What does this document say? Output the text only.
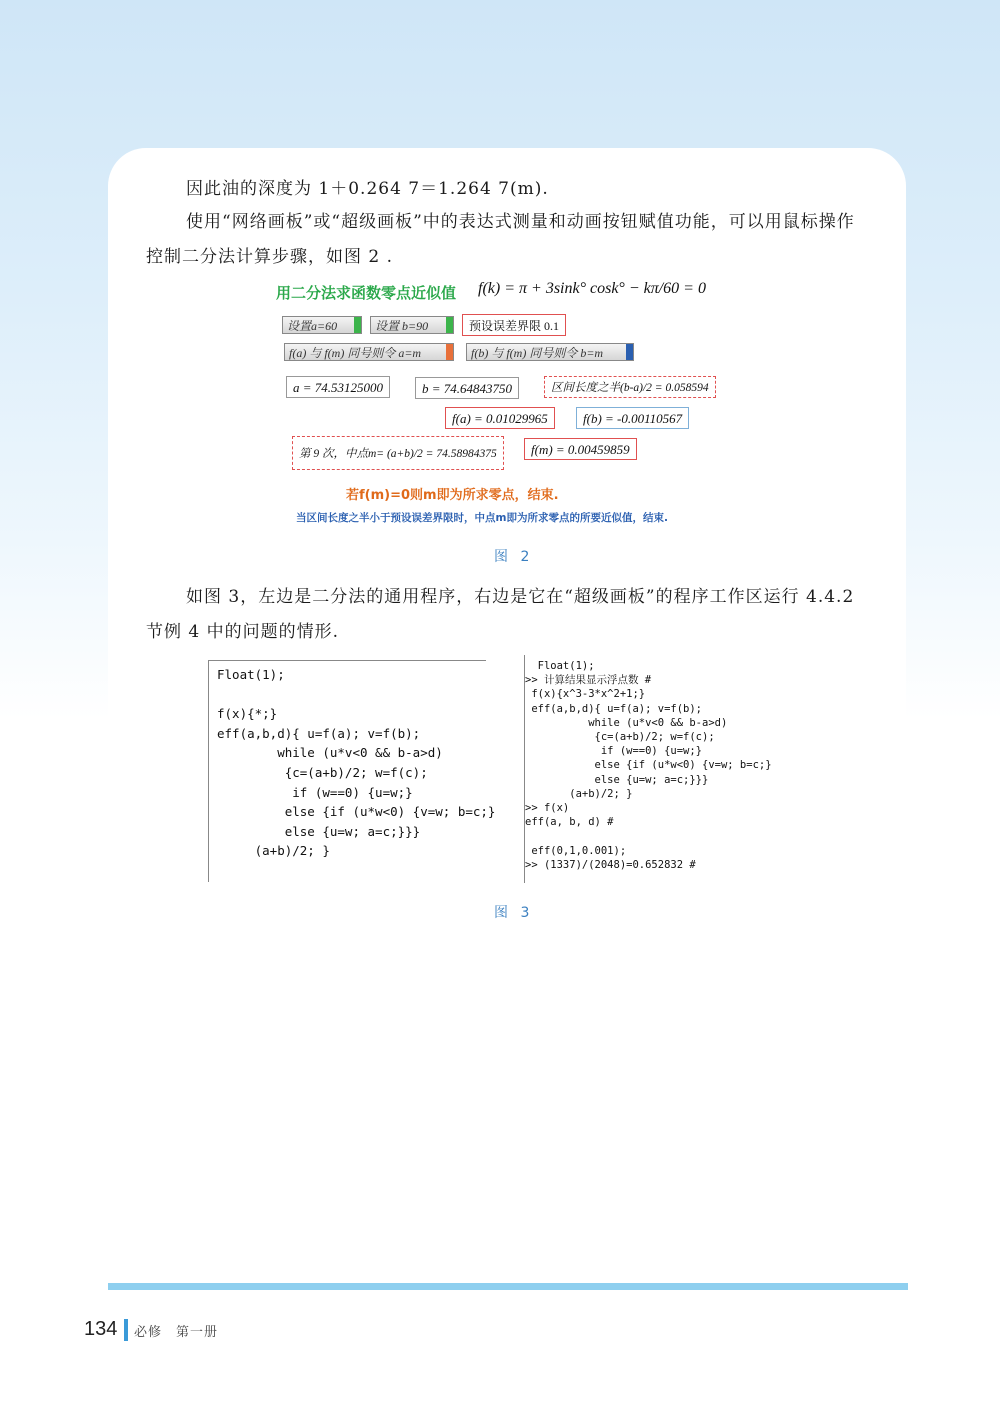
因此油的深度为 1＋0.264 7＝1.264 7(m).
使用“网络画板”或“超级画板”中的表达式测量和动画按钮赋值功能，可以用鼠标操作控制二分法计算步骤，如图 2 .
用二分法求函数零点近似值 f(k) = π + 3sink° cosk° − kπ/60 = 0
设置a=60	设置 b=90	预设误差界限 0.1
f(a) 与 f(m) 同号则令 a=m	f(b) 与 f(m) 同号则令 b=m
a = 74.53125000	b = 74.64843750	区间长度之半(b-a)/2 = 0.058594
f(a) = 0.01029965	f(b) = -0.00110567
第 9 次，中点m= (a+b)/2 = 74.58984375	f(m) = 0.00459859
若f(m)=0则m即为所求零点，结束.
当区间长度之半小于预设误差界限时，中点m即为所求零点的所要近似值，结束.
图 2
如图 3，左边是二分法的通用程序，右边是它在“超级画板”的程序工作区运行 4.4.2 节例 4 中的问题的情形.
Float(1);

f(x){*;}
eff(a,b,d){ u=f(a); v=f(b);
while (u*v<0 && b-a>d)
{c=(a+b)/2; w=f(c);
if (w==0) {u=w;}
else {if (u*w<0) {v=w; b=c;}
else {u=w; a=c;}}}
(a+b)/2; }
Float(1);
>> 计算结果显示浮点数 #
f(x){x^3-3*x^2+1;}
eff(a,b,d){ u=f(a); v=f(b);
while (u*v<0 && b-a>d)
{c=(a+b)/2; w=f(c);
if (w==0) {u=w;}
else {if (u*w<0) {v=w; b=c;}
else {u=w; a=c;}}}
(a+b)/2; }
>> f(x)
eff(a, b, d) #

eff(0,1,0.001);
>> (1337)/(2048)=0.652832 #
图 3
134 必修　第一册
